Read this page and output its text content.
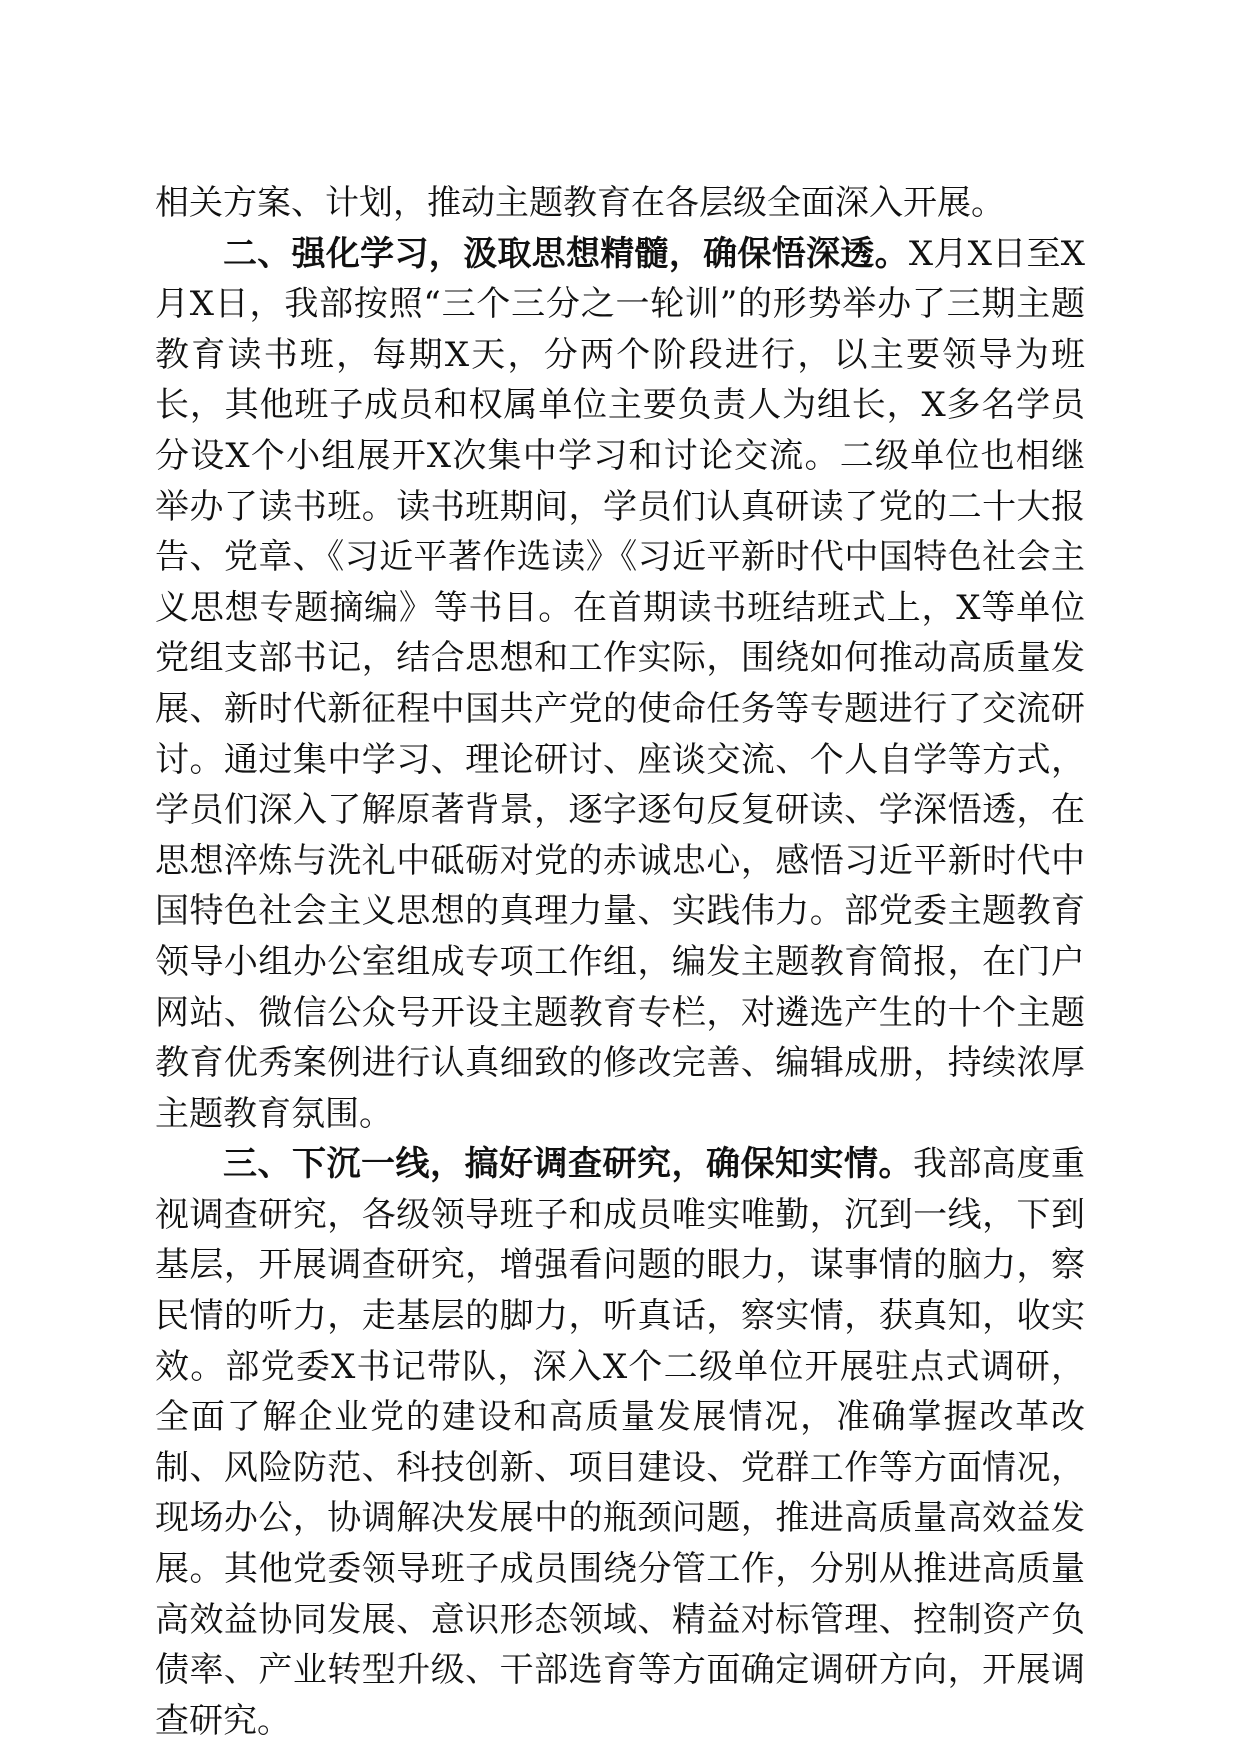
相关方案、计划，推动主题教育在各层级全面深入开展。

二、强化学习，汲取思想精髓，确保悟深透。X月X日至X月X日，我部按照“三个三分之一轮训”的形势举办了三期主题教育读书班，每期X天，分两个阶段进行，以主要领导为班长，其他班子成员和权属单位主要负责人为组长，X多名学员分设X个小组展开X次集中学习和讨论交流。二级单位也相继举办了读书班。读书班期间，学员们认真研读了党的二十大报告、党章、《习近平著作选读》《习近平新时代中国特色社会主义思想专题摘编》等书目。在首期读书班结班式上，X等单位党组支部书记，结合思想和工作实际，围绕如何推动高质量发展、新时代新征程中国共产党的使命任务等专题进行了交流研讨。通过集中学习、理论研讨、座谈交流、个人自学等方式，学员们深入了解原著背景，逐字逐句反复研读、学深悟透，在思想淬炼与洗礼中砥砺对党的赤诚忠心，感悟习近平新时代中国特色社会主义思想的真理力量、实践伟力。部党委主题教育领导小组办公室组成专项工作组，编发主题教育简报，在门户网站、微信公众号开设主题教育专栏，对遴选产生的十个主题教育优秀案例进行认真细致的修改完善、编辑成册，持续浓厚主题教育氛围。

三、下沉一线，搞好调查研究，确保知实情。我部高度重视调查研究，各级领导班子和成员唯实唯勤，沉到一线，下到基层，开展调查研究，增强看问题的眼力，谋事情的脑力，察民情的听力，走基层的脚力，听真话，察实情，获真知，收实效。部党委X书记带队，深入X个二级单位开展驻点式调研，全面了解企业党的建设和高质量发展情况，准确掌握改革改制、风险防范、科技创新、项目建设、党群工作等方面情况，现场办公，协调解决发展中的瓶颈问题，推进高质量高效益发展。其他党委领导班子成员围绕分管工作，分别从推进高质量高效益协同发展、意识形态领域、精益对标管理、控制资产负债率、产业转型升级、干部选育等方面确定调研方向，开展调查研究。
